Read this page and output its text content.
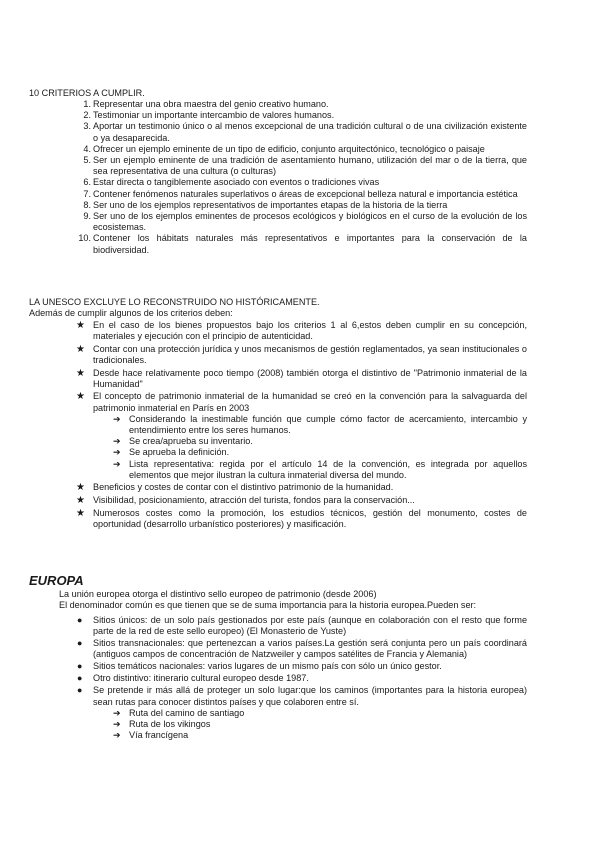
10 CRITERIOS A CUMPLIR.
1. Representar una obra maestra del genio creativo humano.
2. Testimoniar un importante intercambio de valores humanos.
3. Aportar un testimonio único o al menos excepcional de una tradición cultural o de una civilización existente o ya desaparecida.
4. Ofrecer un ejemplo eminente de un tipo de edificio, conjunto arquitectónico, tecnológico o paisaje
5. Ser un ejemplo eminente de una tradición de asentamiento humano, utilización del mar o de la tierra, que sea representativa de una cultura (o culturas)
6. Estar directa o tangiblemente asociado con eventos o tradiciones vivas
7. Contener fenómenos naturales superlativos o áreas de excepcional belleza natural e importancia estética
8. Ser uno de los ejemplos representativos de importantes etapas de la historia de la tierra
9. Ser uno de los ejemplos eminentes de procesos ecológicos y biológicos en el curso de la evolución de los ecosistemas.
10. Contener los hábitats naturales más representativos e importantes para la conservación de la biodiversidad.
LA UNESCO EXCLUYE LO RECONSTRUIDO NO HISTÓRICAMENTE.
Además de cumplir algunos de los criterios deben:
★ En el caso de los bienes propuestos bajo los criterios 1 al 6,estos deben cumplir en su concepción, materiales y ejecución con el principio de autenticidad.
★ Contar con una protección jurídica y unos mecanismos de gestión reglamentados, ya sean institucionales o tradicionales.
★ Desde hace relativamente poco tiempo (2008) también otorga el distintivo de "Patrimonio inmaterial de la Humanidad"
★ El concepto de patrimonio inmaterial de la humanidad se creó en la convención para la salvaguarda del patrimonio inmaterial en París en 2003
➔ Considerando la inestimable función que cumple cómo factor de acercamiento, intercambio y entendimiento entre los seres humanos.
➔ Se crea/aprueba su inventario.
➔ Se aprueba la definición.
➔ Lista representativa: regida por el artículo 14 de la convención, es integrada por aquellos elementos que mejor ilustran la cultura inmaterial diversa del mundo.
★ Beneficios y costes de contar con el distintivo patrimonio de la humanidad.
★ Visibilidad, posicionamiento, atracción del turista, fondos para la conservación...
★ Numerosos costes como la promoción, los estudios técnicos, gestión del monumento, costes de oportunidad (desarrollo urbanístico posteriores) y masificación.
EUROPA
La unión europea otorga el distintivo sello europeo de patrimonio (desde 2006)
El denominador común es que tienen que se de suma importancia para la historia europea.Pueden ser:
● Sitios únicos: de un solo país gestionados por este país (aunque en colaboración con el resto que forme parte de la red de este sello europeo) (El Monasterio de Yuste)
● Sitios transnacionales: que pertenezcan a varios países.La gestión será conjunta pero un país coordinará (antiguos campos de concentración de Natzweiler y campos satélites de Francia y Alemania)
● Sitios temáticos nacionales: varios lugares de un mismo país con sólo un único gestor.
● Otro distintivo: itinerario cultural europeo desde 1987.
● Se pretende ir más allá de proteger un solo lugar:que los caminos (importantes para la historia europea) sean rutas para conocer distintos países y que colaboren entre sí.
➔ Ruta del camino de santiago
➔ Ruta de los vikingos
➔ Vía francígena
